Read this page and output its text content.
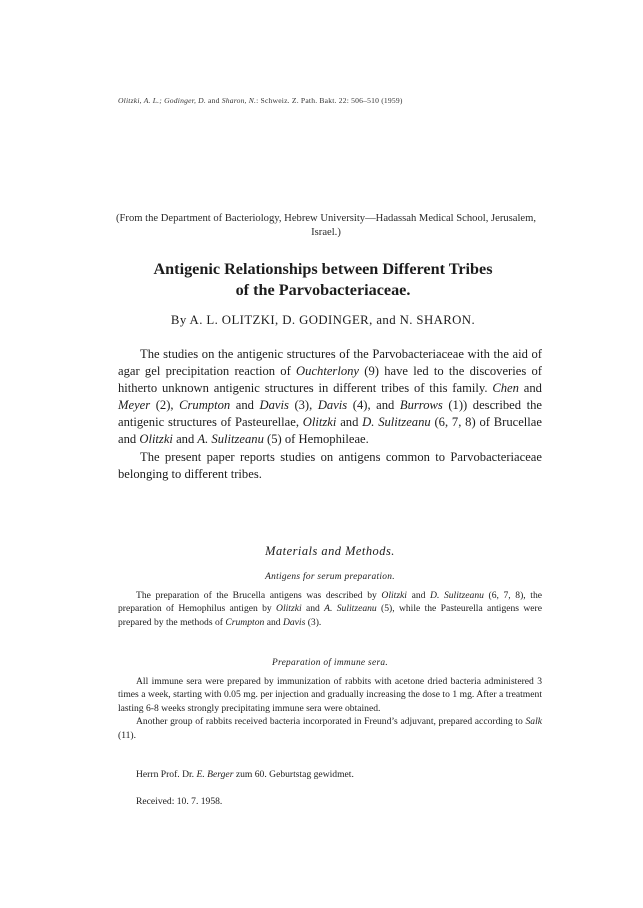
Olitzki, A. L.; Godinger, D. and Sharon, N.: Schweiz. Z. Path. Bakt. 22: 506–510 (1959)
(From the Department of Bacteriology, Hebrew University—Hadassah Medical School, Jerusalem, Israel.)
Antigenic Relationships between Different Tribes
of the Parvobacteriaceae.
By A. L. OLITZKI, D. GODINGER, and N. SHARON.

The studies on the antigenic structures of the Parvobacteriaceae with the aid of agar gel precipitation reaction of Ouchterlony (9) have led to the discoveries of hitherto unknown antigenic structures in different tribes of this family. Chen and Meyer (2), Crumpton and Davis (3), Davis (4), and Burrows (1)) described the antigenic structures of Pasteurellae, Olitzki and D. Sulitzeanu (6, 7, 8) of Brucellae and Olitzki and A. Sulitzeanu (5) of Hemophileae.

The present paper reports studies on antigens common to Parvobacteriaceae belonging to different tribes.

Materials and Methods.
Antigens for serum preparation.

The preparation of the Brucella antigens was described by Olitzki and D. Sulitzeanu (6, 7, 8), the preparation of Hemophilus antigen by Olitzki and A. Sulitzeanu (5), while the Pasteurella antigens were prepared by the methods of Crumpton and Davis (3).

Preparation of immune sera.

All immune sera were prepared by immunization of rabbits with acetone dried bacteria administered 3 times a week, starting with 0.05 mg. per injection and gradually increasing the dose to 1 mg. After a treatment lasting 6-8 weeks strongly precipitating immune sera were obtained.

Another group of rabbits received bacteria incorporated in Freund’s adjuvant, prepared according to Salk (11).

Herrn Prof. Dr. E. Berger zum 60. Geburtstag gewidmet.
Received: 10. 7. 1958.
